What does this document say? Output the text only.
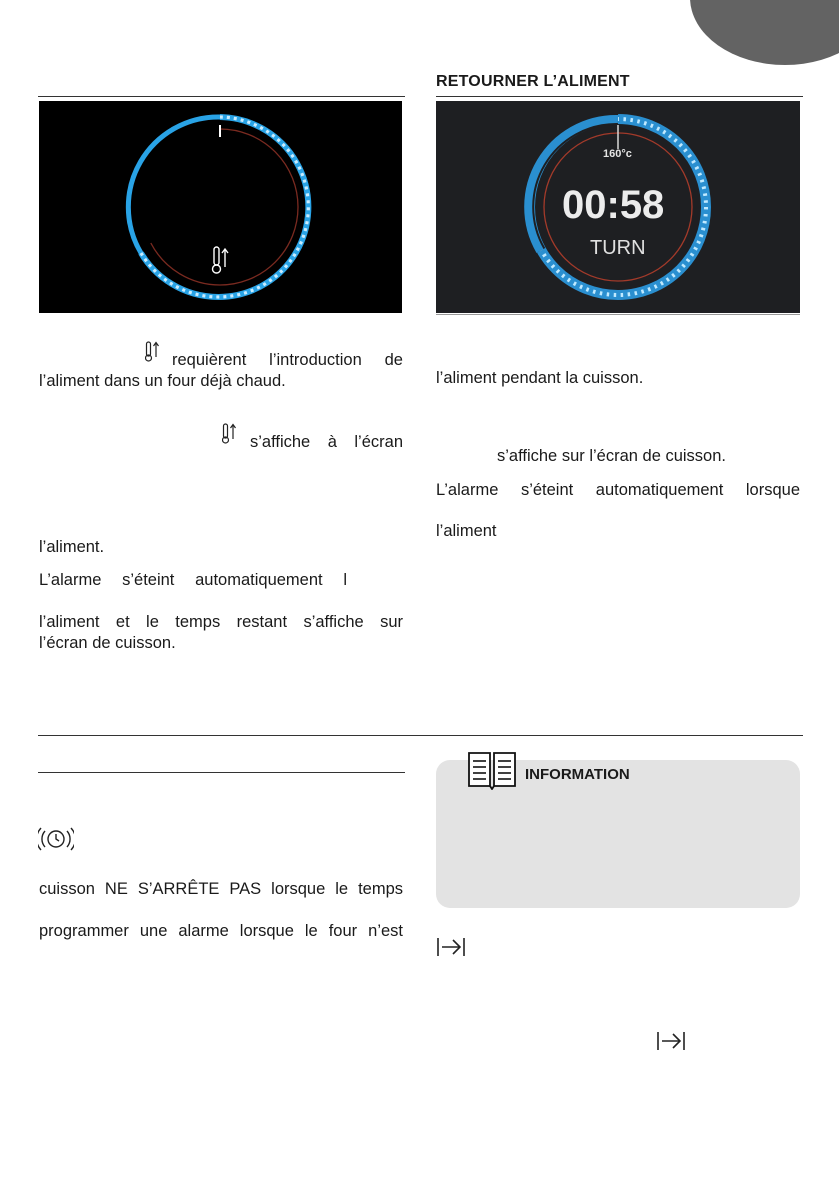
RETOURNER L’ALIMENT
160°c
00:58
TURN
requièrent l’introduction de
l’aliment dans un four déjà chaud.
s’affiche à l’écran
l’aliment.
L’alarme s’éteint automatiquement l
l’aliment et le temps restant s’affiche sur
l’écran de cuisson.
l’aliment pendant la cuisson.
s’affiche sur l’écran de cuisson.
L’alarme s’éteint automatiquement lorsque
l’aliment
cuisson NE S’ARRÊTE PAS lorsque le temps
programmer une alarme lorsque le four n’est
INFORMATION
